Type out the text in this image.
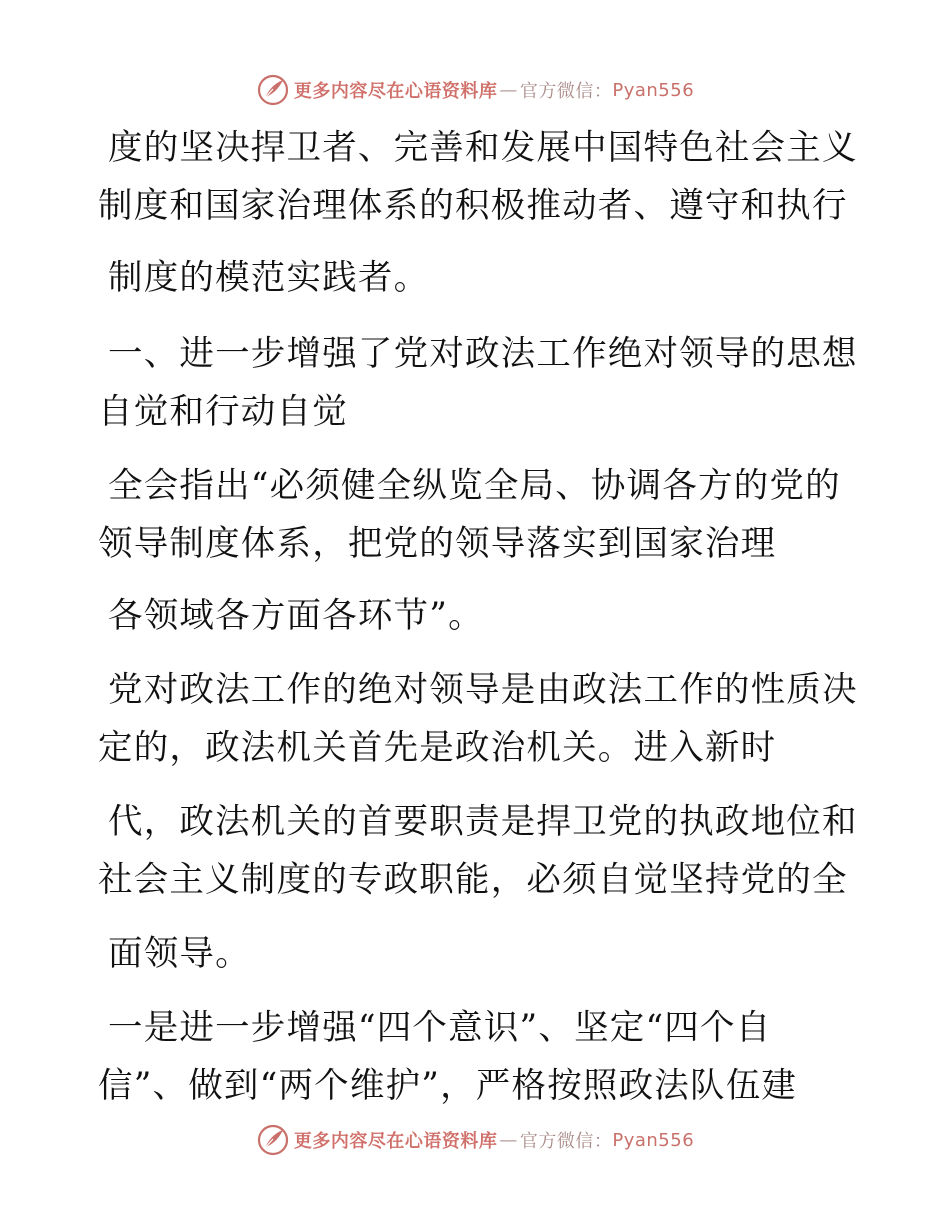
更多内容尽在心语资料库 — 官方微信： Pyan556
度的坚决捍卫者、完善和发展中国特色社会主义
制度和国家治理体系的积极推动者、遵守和执行
制度的模范实践者。
一、进一步增强了党对政法工作绝对领导的思想
自觉和行动自觉
全会指出“必须健全纵览全局、协调各方的党的
领导制度体系，把党的领导落实到国家治理
各领域各方面各环节”。
党对政法工作的绝对领导是由政法工作的性质决
定的，政法机关首先是政治机关。进入新时
代，政法机关的首要职责是捍卫党的执政地位和
社会主义制度的专政职能，必须自觉坚持党的全
面领导。
一是进一步增强“四个意识”、坚定“四个自
信”、做到“两个维护”，严格按照政法队伍建
更多内容尽在心语资料库 — 官方微信： Pyan556
